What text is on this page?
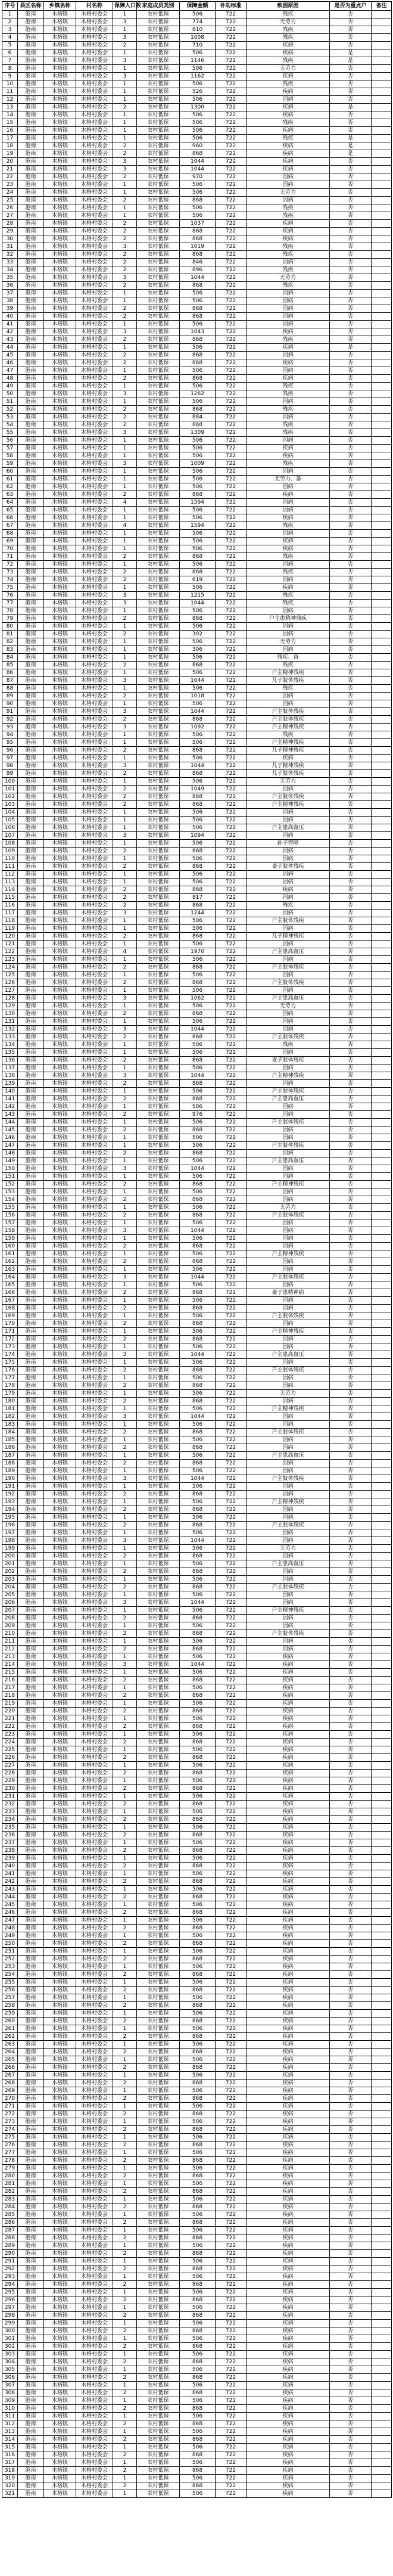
序号	县区名称	乡镇名称	村名称	保障人口数	家庭成员类别	保障金额	补助标准	致困原因	是否为重点户	备注
1	港南	木格镇	木格村委会	1	农村低保	506	722	残疾	否	
2	港南	木格镇	木格村委会	3	农村低保	774	722	无劳力	否	
3	港南	木格镇	木格村委会	1	农村低保	810	722	残疾	否	
4	港南	木格镇	木格村委会	3	农村低保	1008	722	残疾	否	
5	港南	木格镇	木格村委会	2	农村低保	710	722	疾病	否	
6	港南	木格镇	木格村委会	1	农村低保	506	722	疾病	是	
7	港南	木格镇	木格村委会	3	农村低保	1146	722	残疾	是	
8	港南	木格镇	木格村委会	1	农村低保	506	722	无劳力	否	
9	港南	木格镇	木格村委会	3	农村低保	1162	722	疾病	否	
10	港南	木格镇	木格村委会	1	农村低保	506	722	残疾	否	
11	港南	木格镇	木格村委会	1	农村低保	526	722	疾病	否	
12	港南	木格镇	木格村委会	1	农村低保	506	722	因病	否	
13	港南	木格镇	木格村委会	2	农村低保	1300	722	疾病	是	
14	港南	木格镇	木格村委会	1	农村低保	506	722	疾病	否	
15	港南	木格镇	木格村委会	1	农村低保	506	722	残疾	否	
16	港南	木格镇	木格村委会	1	农村低保	506	722	疾病	否	
17	港南	木格镇	木格村委会	1	农村低保	506	722	残疾	是	
18	港南	木格镇	木格村委会	2	农村低保	960	722	疾病	是	
19	港南	木格镇	木格村委会	2	农村低保	868	722	疾病	是	
20	港南	木格镇	木格村委会	3	农村低保	1044	722	疾病	否	
21	港南	木格镇	木格村委会	3	农村低保	1044	722	疾病	否	
22	港南	木格镇	木格村委会	2	农村低保	970	722	因病	否	
23	港南	木格镇	木格村委会	1	农村低保	506	722	因病	否	
24	港南	木格镇	木格村委会	1	农村低保	506	722	无劳力	否	
25	港南	木格镇	木格村委会	2	农村低保	868	722	因病	否	
26	港南	木格镇	木格村委会	1	农村低保	506	722	残疾	否	
27	港南	木格镇	木格村委会	1	农村低保	506	722	残疾	否	
28	港南	木格镇	木格村委会	2	农村低保	1037	722	疾病	否	
29	港南	木格镇	木格村委会	2	农村低保	868	722	疾病	否	
30	港南	木格镇	木格村委会	2	农村低保	868	722	疾病	否	
31	港南	木格镇	木格村委会	3	农村低保	1019	722	残疾	否	
32	港南	木格镇	木格村委会	2	农村低保	868	722	残疾	否	
33	港南	木格镇	木格村委会	2	农村低保	846	722	因病	否	
34	港南	木格镇	木格村委会	2	农村低保	896	722	残疾	否	
35	港南	木格镇	木格村委会	3	农村低保	1044	722	无劳力	否	
36	港南	木格镇	木格村委会	2	农村低保	868	722	残疾	否	
37	港南	木格镇	木格村委会	1	农村低保	506	722	因病	否	
38	港南	木格镇	木格村委会	1	农村低保	506	722	因病	否	
39	港南	木格镇	木格村委会	2	农村低保	868	722	因病	否	
40	港南	木格镇	木格村委会	2	农村低保	868	722	因病	否	
41	港南	木格镇	木格村委会	1	农村低保	506	722	因病	否	
42	港南	木格镇	木格村委会	3	农村低保	1043	722	疾病	否	
43	港南	木格镇	木格村委会	2	农村低保	868	722	残疾	否	
44	港南	木格镇	木格村委会	1	农村低保	506	722	疾病	是	
45	港南	木格镇	木格村委会	2	农村低保	868	722	因病	否	
46	港南	木格镇	木格村委会	2	农村低保	868	722	疾病	否	
47	港南	木格镇	木格村委会	1	农村低保	506	722	因病	否	
48	港南	木格镇	木格村委会	2	农村低保	868	722	疾病	否	
49	港南	木格镇	木格村委会	1	农村低保	506	722	残疾	否	
50	港南	木格镇	木格村委会	3	农村低保	1262	722	残疾	否	
51	港南	木格镇	木格村委会	1	农村低保	506	722	因病	否	
52	港南	木格镇	木格村委会	2	农村低保	868	722	残疾	否	
53	港南	木格镇	木格村委会	2	农村低保	884	722	因病	否	
54	港南	木格镇	木格村委会	2	农村低保	868	722	残疾	否	
55	港南	木格镇	木格村委会	3	农村低保	1309	722	残疾	否	
56	港南	木格镇	木格村委会	1	农村低保	506	722	因病	否	
57	港南	木格镇	木格村委会	1	农村低保	506	722	疾病	否	
58	港南	木格镇	木格村委会	1	农村低保	506	722	疾病	否	
59	港南	木格镇	木格村委会	3	农村低保	1009	722	残疾	否	
60	港南	木格镇	木格村委会	1	农村低保	506	722	因病	否	
61	港南	木格镇	木格村委会	1	农村低保	506	722	无劳力、备	否	
62	港南	木格镇	木格村委会	1	农村低保	506	722	因病	否	
63	港南	木格镇	木格村委会	2	农村低保	868	722	疾病	否	
64	港南	木格镇	木格村委会	4	农村低保	1594	722	因病	否	
65	港南	木格镇	木格村委会	1	农村低保	506	722	因病	否	
66	港南	木格镇	木格村委会	1	农村低保	506	722	疾病	否	
67	港南	木格镇	木格村委会	4	农村低保	1594	722	残疾	否	
68	港南	木格镇	木格村委会	1	农村低保	506	722	因病	否	
69	港南	木格镇	木格村委会	1	农村低保	506	722	疾病	否	
70	港南	木格镇	木格村委会	1	农村低保	506	722	疾病	否	
71	港南	木格镇	木格村委会	2	农村低保	868	722	残疾	否	
72	港南	木格镇	木格村委会	1	农村低保	506	722	因病	否	
73	港南	木格镇	木格村委会	2	农村低保	868	722	残疾	否	
74	港南	木格镇	木格村委会	2	农村低保	619	722	因病	否	
75	港南	木格镇	木格村委会	1	农村低保	506	722	疾病	否	
76	港南	木格镇	木格村委会	3	农村低保	1215	722	残疾	否	
77	港南	木格镇	木格村委会	3	农村低保	1044	722	残疾	否	
78	港南	木格镇	木格村委会	1	农村低保	506	722	因病	否	
79	港南	木格镇	木格村委会	2	农村低保	868	722	户主患精神残疾	否	
80	港南	木格镇	木格村委会	1	农村低保	506	722	因病	否	
81	港南	木格镇	木格村委会	2	农村低保	302	722	因病	否	
82	港南	木格镇	木格村委会	1	农村低保	506	722	无劳力	否	
83	港南	木格镇	木格村委会	1	农村低保	306	722	因病	否	
84	港南	木格镇	木格村委会	1	农村低保	506	722	残疾、备	否	
85	港南	木格镇	木格村委会	2	农村低保	868	722	残疾	否	
86	港南	木格镇	木格村委会	1	农村低保	506	722	户主精神残疾	否	
87	港南	木格镇	木格村委会	3	农村低保	1044	722	儿子肢体残疾	否	
88	港南	木格镇	木格村委会	1	农村低保	506	722	残疾	否	
89	港南	木格镇	木格村委会	2	农村低保	1018	722	因病	否	
90	港南	木格镇	木格村委会	1	农村低保	506	722	因病	否	
91	港南	木格镇	木格村委会	3	农村低保	1044	722	户主肢体残疾	否	
92	港南	木格镇	木格村委会	2	农村低保	868	722	户主肢体残疾	否	
93	港南	木格镇	木格村委会	3	农村低保	1092	722	户主精神残疾	否	
94	港南	木格镇	木格村委会	1	农村低保	506	722	残疾	否	
95	港南	木格镇	木格村委会	1	农村低保	506	722	户主精神残疾	否	
96	港南	木格镇	木格村委会	2	农村低保	868	722	儿子精神残疾	否	
97	港南	木格镇	木格村委会	1	农村低保	506	722	疾病	否	
98	港南	木格镇	木格村委会	3	农村低保	1044	722	儿子精神残疾	否	
99	港南	木格镇	木格村委会	2	农村低保	868	722	儿子肢体残疾	否	
100	港南	木格镇	木格村委会	1	农村低保	506	722	无劳力	否	
101	港南	木格镇	木格村委会	2	农村低保	1049	722	因病	否	
102	港南	木格镇	木格村委会	2	农村低保	868	722	户主肢体残疾	否	
103	港南	木格镇	木格村委会	2	农村低保	868	722	户主精神残疾	否	
104	港南	木格镇	木格村委会	1	农村低保	506	722	因病	否	
105	港南	木格镇	木格村委会	1	农村低保	506	722	因病	否	
106	港南	木格镇	木格村委会	1	农村低保	506	722	户主患高血压	否	
107	港南	木格镇	木格村委会	3	农村低保	1094	722	因病	否	
108	港南	木格镇	木格村委会	1	农村低保	506	722	孙子智障	否	
109	港南	木格镇	木格村委会	2	农村低保	868	722	因病	否	
110	港南	木格镇	木格村委会	1	农村低保	506	722	因病	否	
111	港南	木格镇	木格村委会	2	农村低保	868	722	妻子肢体残疾	否	
112	港南	木格镇	木格村委会	1	农村低保	506	722	因病	否	
113	港南	木格镇	木格村委会	1	农村低保	506	722	因病	否	
114	港南	木格镇	木格村委会	2	农村低保	868	722	疾病	否	
115	港南	木格镇	木格村委会	2	农村低保	817	722	因病	否	
116	港南	木格镇	木格村委会	2	农村低保	868	722	残疾	否	
117	港南	木格镇	木格村委会	3	农村低保	1244	722	因病	否	
118	港南	木格镇	木格村委会	1	农村低保	506	722	户主肢体残疾	否	
119	港南	木格镇	木格村委会	1	农村低保	506	722	因病	否	
120	港南	木格镇	木格村委会	2	农村低保	868	722	儿子精神残疾	否	
121	港南	木格镇	木格村委会	1	农村低保	506	722	因病	否	
122	港南	木格镇	木格村委会	4	农村低保	1970	722	户主患高血压	否	
123	港南	木格镇	木格村委会	1	农村低保	506	722	因病	否	
124	港南	木格镇	木格村委会	2	农村低保	868	722	户主肢体残疾	否	
125	港南	木格镇	木格村委会	1	农村低保	506	722	因病	否	
126	港南	木格镇	木格村委会	2	农村低保	868	722	户主肢体残疾	否	
127	港南	木格镇	木格村委会	1	农村低保	506	722	因病	否	
128	港南	木格镇	木格村委会	3	农村低保	1062	722	户主患高血压	否	
129	港南	木格镇	木格村委会	1	农村低保	506	722	无劳力	否	
130	港南	木格镇	木格村委会	2	农村低保	868	722	因病	否	
131	港南	木格镇	木格村委会	1	农村低保	506	722	因病	否	
132	港南	木格镇	木格村委会	3	农村低保	1044	722	因病	否	
133	港南	木格镇	木格村委会	2	农村低保	868	722	户主肢体残疾	否	
134	港南	木格镇	木格村委会	1	农村低保	506	722	残疾	否	
135	港南	木格镇	木格村委会	1	农村低保	506	722	因病	否	
136	港南	木格镇	木格村委会	2	农村低保	868	722	妻子肢体残疾	否	
137	港南	木格镇	木格村委会	1	农村低保	506	722	因病	否	
138	港南	木格镇	木格村委会	3	农村低保	1044	722	户主精神残疾	否	
139	港南	木格镇	木格村委会	2	农村低保	868	722	因病	否	
140	港南	木格镇	木格村委会	1	农村低保	506	722	户主肢体残疾	否	
141	港南	木格镇	木格村委会	2	农村低保	868	722	户主患高血压	否	
142	港南	木格镇	木格村委会	1	农村低保	506	722	因病	否	
143	港南	木格镇	木格村委会	2	农村低保	976	722	因病	否	
144	港南	木格镇	木格村委会	1	农村低保	506	722	户主肢体残疾	否	
145	港南	木格镇	木格村委会	2	农村低保	868	722	因病	否	
146	港南	木格镇	木格村委会	1	农村低保	506	722	因病	否	
147	港南	木格镇	木格村委会	1	农村低保	506	722	户主肢体残疾	否	
148	港南	木格镇	木格村委会	2	农村低保	868	722	因病	否	
149	港南	木格镇	木格村委会	1	农村低保	506	722	户主患高血压	否	
150	港南	木格镇	木格村委会	3	农村低保	1044	722	因病	否	
151	港南	木格镇	木格村委会	1	农村低保	506	722	因病	否	
152	港南	木格镇	木格村委会	2	农村低保	868	722	户主精神残疾	否	
153	港南	木格镇	木格村委会	1	农村低保	506	722	因病	否	
154	港南	木格镇	木格村委会	2	农村低保	868	722	因病	否	
155	港南	木格镇	木格村委会	1	农村低保	506	722	无劳力	否	
156	港南	木格镇	木格村委会	2	农村低保	868	722	户主肢体残疾	否	
157	港南	木格镇	木格村委会	1	农村低保	506	722	因病	否	
158	港南	木格镇	木格村委会	3	农村低保	1044	722	因病	否	
159	港南	木格镇	木格村委会	1	农村低保	506	722	因病	否	
160	港南	木格镇	木格村委会	2	农村低保	868	722	因病	否	
161	港南	木格镇	木格村委会	1	农村低保	506	722	户主精神残疾	否	
162	港南	木格镇	木格村委会	2	农村低保	868	722	因病	否	
163	港南	木格镇	木格村委会	1	农村低保	506	722	因病	否	
164	港南	木格镇	木格村委会	3	农村低保	1044	722	户主肢体残疾	否	
165	港南	木格镇	木格村委会	1	农村低保	506	722	因病	否	
166	港南	木格镇	木格村委会	2	农村低保	868	722	妻子患精神病	否	
167	港南	木格镇	木格村委会	1	农村低保	506	722	因病	否	
168	港南	木格镇	木格村委会	2	农村低保	868	722	因病	否	
169	港南	木格镇	木格村委会	1	农村低保	506	722	户主肢体残疾	否	
170	港南	木格镇	木格村委会	2	农村低保	868	722	因病	否	
171	港南	木格镇	木格村委会	1	农村低保	506	722	户主精神残疾	否	
172	港南	木格镇	木格村委会	2	农村低保	868	722	因病	否	
173	港南	木格镇	木格村委会	1	农村低保	506	722	因病	否	
174	港南	木格镇	木格村委会	3	农村低保	1044	722	户主患高血压	否	
175	港南	木格镇	木格村委会	1	农村低保	506	722	因病	否	
176	港南	木格镇	木格村委会	2	农村低保	868	722	户主肢体残疾	否	
177	港南	木格镇	木格村委会	1	农村低保	506	722	因病	否	
178	港南	木格镇	木格村委会	2	农村低保	868	722	因病	否	
179	港南	木格镇	木格村委会	1	农村低保	506	722	无劳力	否	
180	港南	木格镇	木格村委会	2	农村低保	868	722	因病	否	
181	港南	木格镇	木格村委会	1	农村低保	506	722	户主精神残疾	否	
182	港南	木格镇	木格村委会	3	农村低保	1044	722	因病	否	
183	港南	木格镇	木格村委会	1	农村低保	506	722	因病	否	
184	港南	木格镇	木格村委会	2	农村低保	868	722	户主肢体残疾	否	
185	港南	木格镇	木格村委会	1	农村低保	506	722	因病	否	
186	港南	木格镇	木格村委会	2	农村低保	868	722	因病	否	
187	港南	木格镇	木格村委会	1	农村低保	506	722	户主患高血压	否	
188	港南	木格镇	木格村委会	2	农村低保	868	722	因病	否	
189	港南	木格镇	木格村委会	1	农村低保	506	722	因病	否	
190	港南	木格镇	木格村委会	3	农村低保	1044	722	户主肢体残疾	否	
191	港南	木格镇	木格村委会	1	农村低保	506	722	因病	否	
192	港南	木格镇	木格村委会	2	农村低保	868	722	因病	否	
193	港南	木格镇	木格村委会	1	农村低保	506	722	户主精神残疾	否	
194	港南	木格镇	木格村委会	2	农村低保	868	722	因病	否	
195	港南	木格镇	木格村委会	1	农村低保	506	722	因病	否	
196	港南	木格镇	木格村委会	2	农村低保	868	722	户主肢体残疾	否	
197	港南	木格镇	木格村委会	1	农村低保	506	722	因病	否	
198	港南	木格镇	木格村委会	3	农村低保	1044	722	因病	否	
199	港南	木格镇	木格村委会	1	农村低保	506	722	无劳力	否	
200	港南	木格镇	木格村委会	2	农村低保	868	722	因病	否	
201	港南	木格镇	木格村委会	1	农村低保	506	722	户主患高血压	否	
202	港南	木格镇	木格村委会	2	农村低保	868	722	因病	否	
203	港南	木格镇	木格村委会	1	农村低保	506	722	因病	否	
204	港南	木格镇	木格村委会	2	农村低保	868	722	户主肢体残疾	否	
205	港南	木格镇	木格村委会	1	农村低保	506	722	因病	否	
206	港南	木格镇	木格村委会	3	农村低保	1044	722	因病	否	
207	港南	木格镇	木格村委会	1	农村低保	506	722	户主精神残疾	否	
208	港南	木格镇	木格村委会	2	农村低保	868	722	因病	否	
209	港南	木格镇	木格村委会	1	农村低保	506	722	因病	否	
210	港南	木格镇	木格村委会	2	农村低保	868	722	户主肢体残疾	否	
211	港南	木格镇	木格村委会	1	农村低保	506	722	因病	否	
212	港南	木格镇	木格村委会	2	农村低保	868	722	因病	否	
213	港南	木格镇	木格村委会	1	农村低保	506	722	疾病	否	
214	港南	木格镇	木格村委会	3	农村低保	1044	722	疾病	否	
215	港南	木格镇	木格村委会	1	农村低保	506	722	疾病	否	
216	港南	木格镇	木格村委会	2	农村低保	868	722	疾病	否	
217	港南	木格镇	木格村委会	1	农村低保	506	722	疾病	否	
218	港南	木格镇	木格村委会	2	农村低保	868	722	疾病	否	
219	港南	木格镇	木格村委会	1	农村低保	506	722	疾病	否	
220	港南	木格镇	木格村委会	2	农村低保	868	722	疾病	否	
221	港南	木格镇	木格村委会	1	农村低保	506	722	疾病	否	
222	港南	木格镇	木格村委会	2	农村低保	868	722	疾病	否	
223	港南	木格镇	木格村委会	1	农村低保	506	722	疾病	否	
224	港南	木格镇	木格村委会	2	农村低保	868	722	疾病	否	
225	港南	木格镇	木格村委会	1	农村低保	506	722	疾病	否	
226	港南	木格镇	木格村委会	2	农村低保	868	722	疾病	否	
227	港南	木格镇	木格村委会	1	农村低保	506	722	疾病	否	
228	港南	木格镇	木格村委会	2	农村低保	868	722	疾病	否	
229	港南	木格镇	木格村委会	1	农村低保	506	722	疾病	否	
230	港南	木格镇	木格村委会	2	农村低保	868	722	疾病	否	
231	港南	木格镇	木格村委会	1	农村低保	506	722	疾病	否	
232	港南	木格镇	木格村委会	2	农村低保	868	722	疾病	否	
233	港南	木格镇	木格村委会	1	农村低保	506	722	疾病	否	
234	港南	木格镇	木格村委会	2	农村低保	868	722	疾病	否	
235	港南	木格镇	木格村委会	1	农村低保	506	722	疾病	否	
236	港南	木格镇	木格村委会	2	农村低保	868	722	疾病	否	
237	港南	木格镇	木格村委会	1	农村低保	506	722	疾病	否	
238	港南	木格镇	木格村委会	2	农村低保	868	722	疾病	否	
239	港南	木格镇	木格村委会	1	农村低保	506	722	疾病	否	
240	港南	木格镇	木格村委会	2	农村低保	868	722	疾病	否	
241	港南	木格镇	木格村委会	1	农村低保	506	722	疾病	否	
242	港南	木格镇	木格村委会	2	农村低保	868	722	疾病	否	
243	港南	木格镇	木格村委会	1	农村低保	506	722	疾病	否	
244	港南	木格镇	木格村委会	2	农村低保	868	722	疾病	否	
245	港南	木格镇	木格村委会	1	农村低保	506	722	疾病	否	
246	港南	木格镇	木格村委会	2	农村低保	868	722	疾病	否	
247	港南	木格镇	木格村委会	1	农村低保	506	722	疾病	否	
248	港南	木格镇	木格村委会	2	农村低保	868	722	疾病	否	
249	港南	木格镇	木格村委会	1	农村低保	506	722	疾病	否	
250	港南	木格镇	木格村委会	2	农村低保	868	722	疾病	否	
251	港南	木格镇	木格村委会	1	农村低保	506	722	疾病	否	
252	港南	木格镇	木格村委会	2	农村低保	868	722	疾病	否	
253	港南	木格镇	木格村委会	1	农村低保	506	722	疾病	否	
254	港南	木格镇	木格村委会	2	农村低保	868	722	疾病	否	
255	港南	木格镇	木格村委会	1	农村低保	506	722	疾病	否	
256	港南	木格镇	木格村委会	2	农村低保	868	722	疾病	否	
257	港南	木格镇	木格村委会	1	农村低保	506	722	疾病	否	
258	港南	木格镇	木格村委会	2	农村低保	868	722	疾病	否	
259	港南	木格镇	木格村委会	1	农村低保	506	722	疾病	否	
260	港南	木格镇	木格村委会	2	农村低保	868	722	疾病	否	
261	港南	木格镇	木格村委会	1	农村低保	506	722	疾病	否	
262	港南	木格镇	木格村委会	2	农村低保	868	722	疾病	否	
263	港南	木格镇	木格村委会	1	农村低保	506	722	疾病	否	
264	港南	木格镇	木格村委会	2	农村低保	868	722	疾病	否	
265	港南	木格镇	木格村委会	1	农村低保	506	722	疾病	否	
266	港南	木格镇	木格村委会	2	农村低保	868	722	疾病	否	
267	港南	木格镇	木格村委会	1	农村低保	506	722	疾病	否	
268	港南	木格镇	木格村委会	2	农村低保	868	722	疾病	否	
269	港南	木格镇	木格村委会	1	农村低保	506	722	疾病	否	
270	港南	木格镇	木格村委会	2	农村低保	868	722	疾病	否	
271	港南	木格镇	木格村委会	1	农村低保	506	722	疾病	否	
272	港南	木格镇	木格村委会	2	农村低保	868	722	疾病	否	
273	港南	木格镇	木格村委会	1	农村低保	506	722	疾病	否	
274	港南	木格镇	木格村委会	2	农村低保	868	722	疾病	否	
275	港南	木格镇	木格村委会	1	农村低保	506	722	疾病	否	
276	港南	木格镇	木格村委会	2	农村低保	868	722	疾病	否	
277	港南	木格镇	木格村委会	1	农村低保	506	722	疾病	否	
278	港南	木格镇	木格村委会	2	农村低保	868	722	疾病	否	
279	港南	木格镇	木格村委会	1	农村低保	506	722	疾病	否	
280	港南	木格镇	木格村委会	2	农村低保	868	722	疾病	否	
281	港南	木格镇	木格村委会	1	农村低保	506	722	疾病	否	
282	港南	木格镇	木格村委会	2	农村低保	868	722	疾病	否	
283	港南	木格镇	木格村委会	1	农村低保	506	722	疾病	否	
284	港南	木格镇	木格村委会	2	农村低保	868	722	疾病	否	
285	港南	木格镇	木格村委会	1	农村低保	506	722	疾病	否	
286	港南	木格镇	木格村委会	2	农村低保	868	722	疾病	否	
287	港南	木格镇	木格村委会	1	农村低保	506	722	疾病	否	
288	港南	木格镇	木格村委会	2	农村低保	868	722	疾病	否	
289	港南	木格镇	木格村委会	1	农村低保	506	722	疾病	否	
290	港南	木格镇	木格村委会	2	农村低保	868	722	疾病	否	
291	港南	木格镇	木格村委会	1	农村低保	506	722	疾病	否	
292	港南	木格镇	木格村委会	2	农村低保	868	722	疾病	否	
293	港南	木格镇	木格村委会	1	农村低保	506	722	疾病	否	
294	港南	木格镇	木格村委会	2	农村低保	868	722	疾病	否	
295	港南	木格镇	木格村委会	1	农村低保	506	722	疾病	否	
296	港南	木格镇	木格村委会	2	农村低保	868	722	疾病	否	
297	港南	木格镇	木格村委会	1	农村低保	506	722	疾病	否	
298	港南	木格镇	木格村委会	2	农村低保	868	722	疾病	否	
299	港南	木格镇	木格村委会	1	农村低保	506	722	疾病	否	
300	港南	木格镇	木格村委会	2	农村低保	868	722	疾病	否	
301	港南	木格镇	木格村委会	1	农村低保	506	722	疾病	否	
302	港南	木格镇	木格村委会	2	农村低保	868	722	疾病	否	
303	港南	木格镇	木格村委会	1	农村低保	506	722	疾病	否	
304	港南	木格镇	木格村委会	2	农村低保	868	722	疾病	否	
305	港南	木格镇	木格村委会	1	农村低保	506	722	疾病	否	
306	港南	木格镇	木格村委会	2	农村低保	868	722	疾病	否	
307	港南	木格镇	木格村委会	1	农村低保	506	722	疾病	否	
308	港南	木格镇	木格村委会	2	农村低保	868	722	疾病	否	
309	港南	木格镇	木格村委会	1	农村低保	506	722	疾病	否	
310	港南	木格镇	木格村委会	2	农村低保	868	722	疾病	否	
311	港南	木格镇	木格村委会	1	农村低保	506	722	疾病	否	
312	港南	木格镇	木格村委会	2	农村低保	868	722	疾病	否	
313	港南	木格镇	木格村委会	1	农村低保	506	722	疾病	否	
314	港南	木格镇	木格村委会	2	农村低保	868	722	疾病	否	
315	港南	木格镇	木格村委会	1	农村低保	506	722	疾病	否	
316	港南	木格镇	木格村委会	2	农村低保	868	722	疾病	否	
317	港南	木格镇	木格村委会	1	农村低保	506	722	疾病	否	
318	港南	木格镇	木格村委会	2	农村低保	868	722	疾病	否	
319	港南	木格镇	木格村委会	1	农村低保	506	722	疾病	否	
320	港南	木格镇	木格村委会	2	农村低保	868	722	疾病	否	
321	港南	木格镇	木格村委会	1	农村低保	506	722	疾病	否	
